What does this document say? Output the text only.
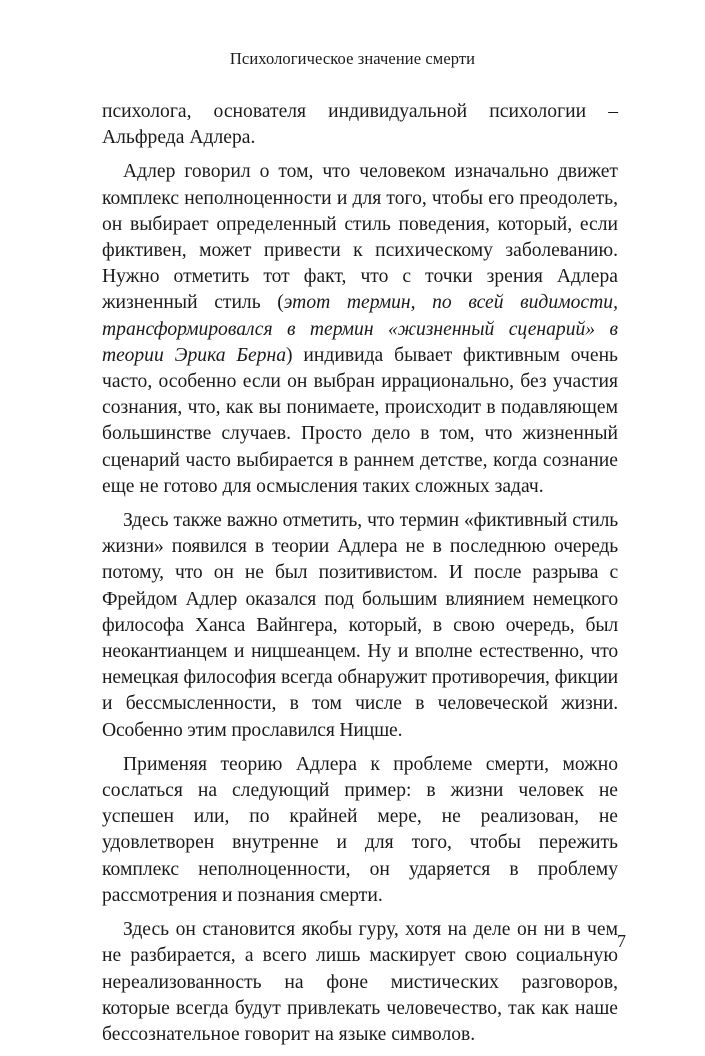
Психологическое значение смерти

психолога, основателя индивидуальной психологии – Альфреда Адлера.

Адлер говорил о том, что человеком изначально движет комплекс неполноценности и для того, чтобы его преодолеть, он выбирает определенный стиль поведения, который, если фиктивен, может привести к психическому заболеванию. Нужно отметить тот факт, что с точки зрения Адлера жизненный стиль (этот термин, по всей видимости, трансформировался в термин «жизненный сценарий» в теории Эрика Берна) индивида бывает фиктивным очень часто, особенно если он выбран иррационально, без участия сознания, что, как вы понимаете, происходит в подавляющем большинстве случаев. Просто дело в том, что жизненный сценарий часто выбирается в раннем детстве, когда сознание еще не готово для осмысления таких сложных задач.

Здесь также важно отметить, что термин «фиктивный стиль жизни» появился в теории Адлера не в последнюю очередь потому, что он не был позитивистом. И после разрыва с Фрейдом Адлер оказался под большим влиянием немецкого философа Ханса Вайнгера, который, в свою очередь, был неокантианцем и ницшеанцем. Ну и вполне естественно, что немецкая философия всегда обнаружит противоречия, фикции и бессмысленности, в том числе в человеческой жизни. Особенно этим прославился Ницше.

Применяя теорию Адлера к проблеме смерти, можно сослаться на следующий пример: в жизни человек не успешен или, по крайней мере, не реализован, не удовлетворен внутренне и для того, чтобы пережить комплекс неполноценности, он ударяется в проблему рассмотрения и познания смерти.

Здесь он становится якобы гуру, хотя на деле он ни в чем не разбирается, а всего лишь маскирует свою социальную нереализованность на фоне мистических разговоров, которые всегда будут привлекать человечество, так как наше бессознательное говорит на языке символов.

7
